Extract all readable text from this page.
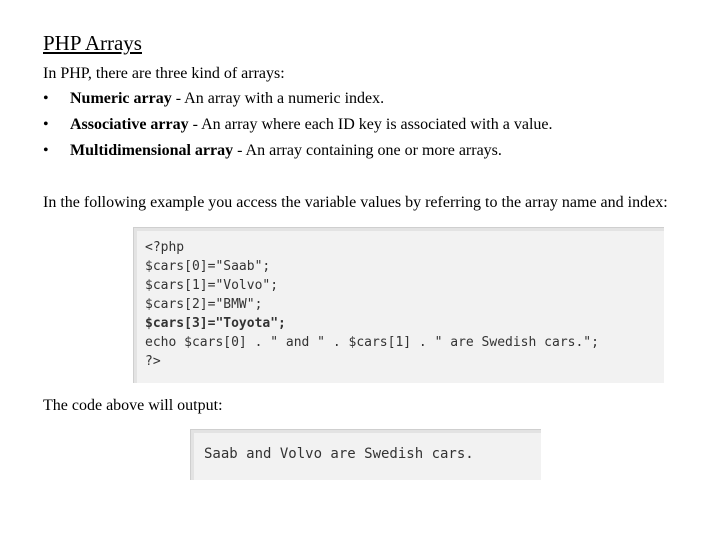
PHP Arrays

In PHP, there are three kind of arrays:

•	Numeric array - An array with a numeric index.
•	Associative array - An array where each ID key is associated with a value.
•	Multidimensional array - An array containing one or more arrays.

In the following example you access the variable values by referring to the array name and index:

<?php
$cars[0]="Saab";
$cars[1]="Volvo";
$cars[2]="BMW";
$cars[3]="Toyota";
echo $cars[0] . " and " . $cars[1] . " are Swedish cars.";
?>

The code above will output:

Saab and Volvo are Swedish cars.
